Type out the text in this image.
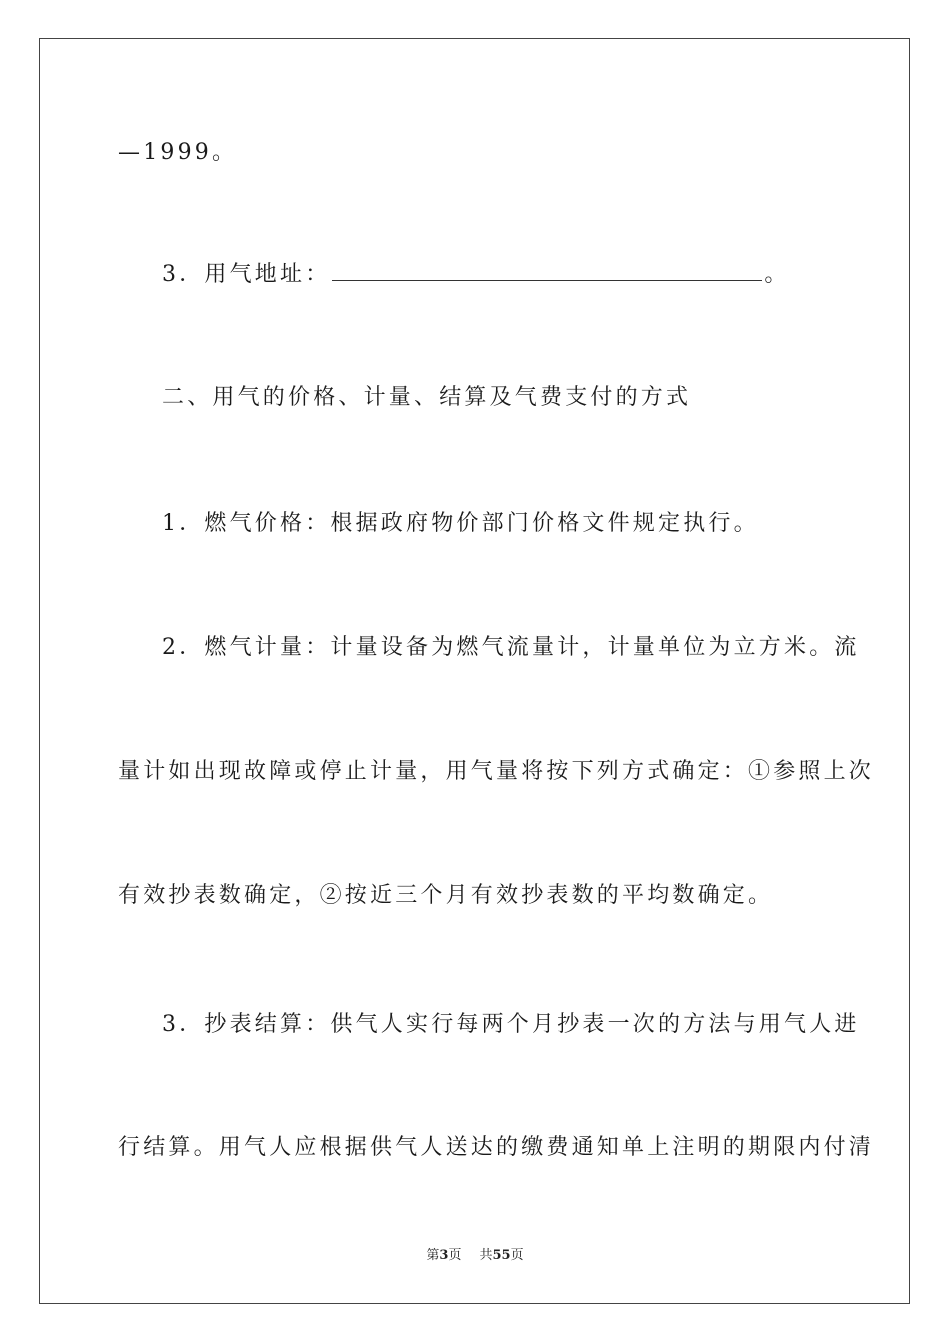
—1999。
3．用气地址：	。
二、用气的价格、计量、结算及气费支付的方式
1．燃气价格：根据政府物价部门价格文件规定执行。
2．燃气计量：计量设备为燃气流量计，计量单位为立方米。流
量计如出现故障或停止计量，用气量将按下列方式确定：①参照上次
有效抄表数确定，②按近三个月有效抄表数的平均数确定。
3．抄表结算：供气人实行每两个月抄表一次的方法与用气人进
行结算。用气人应根据供气人送达的缴费通知单上注明的期限内付清
第3页 共55页
